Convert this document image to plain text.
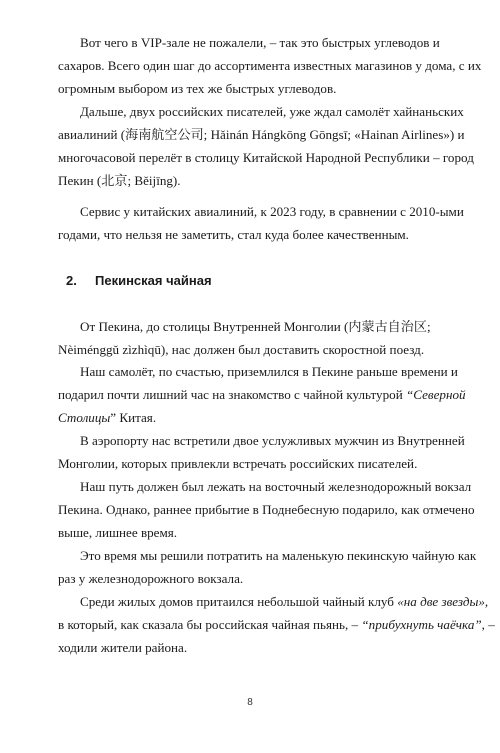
Вот чего в VIP-зале не пожалели, – так это быстрых углеводов и
сахаров. Всего один шаг до ассортимента известных магазинов у дома, с их
огромным выбором из тех же быстрых углеводов.

Дальше, двух российских писателей, уже ждал самолёт хайнаньских
авиалиний (海南航空公司; Hǎinán Hángkōng Gōngsī; «Hainan Airlines») и
многочасовой перелёт в столицу Китайской Народной Республики – город
Пекин (北京; Běijīng).

Сервис у китайских авиалиний, к 2023 году, в сравнении с 2010-ыми
годами, что нельзя не заметить, стал куда более качественным.

2. Пекинская чайная

От Пекина, до столицы Внутренней Монголии (内蒙古自治区;
Nèiménggǔ zìzhìqū), нас должен был доставить скоростной поезд.

Наш самолёт, по счастью, приземлился в Пекине раньше времени и
подарил почти лишний час на знакомство с чайной культурой “Северной
Столицы” Китая.

В аэропорту нас встретили двое услужливых мужчин из Внутренней
Монголии, которых привлекли встречать российских писателей.

Наш путь должен был лежать на восточный железнодорожный вокзал
Пекина. Однако, раннее прибытие в Поднебесную подарило, как отмечено
выше, лишнее время.

Это время мы решили потратить на маленькую пекинскую чайную как
раз у железнодорожного вокзала.

Среди жилых домов притаился небольшой чайный клуб «на две звезды»,
в который, как сказала бы российская чайная пьянь, – “прибухнуть чаёчка”, –
ходили жители района.

8
